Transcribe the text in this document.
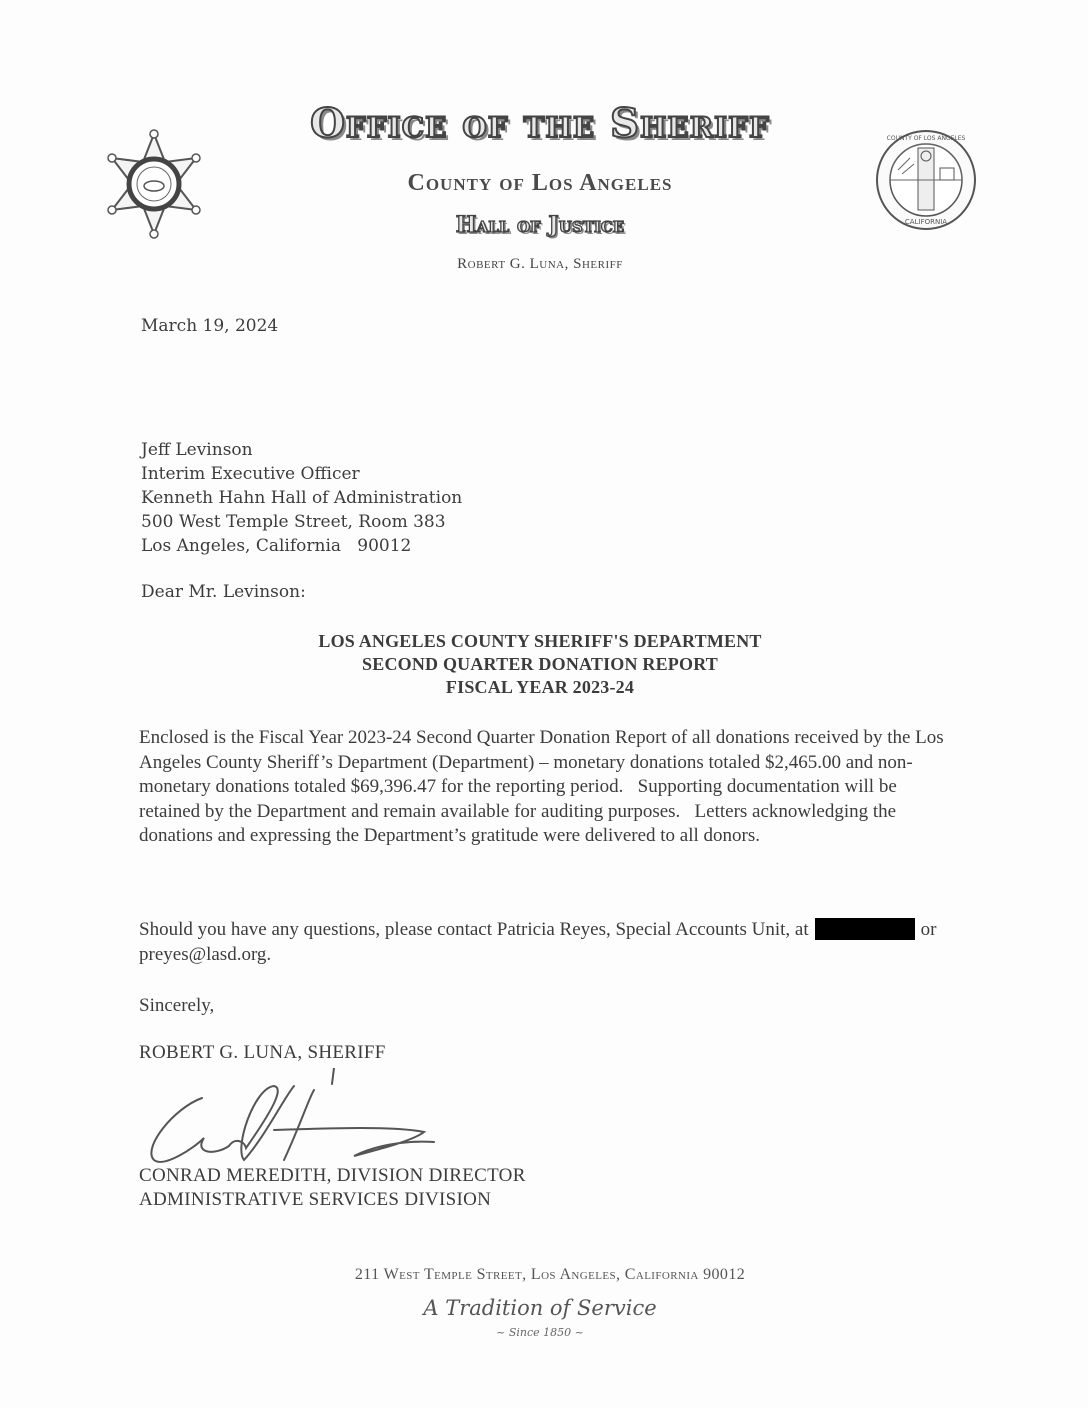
Office of the Sheriff
County of Los Angeles
Hall of Justice
Robert G. Luna, Sheriff
CALIFORNIA
COUNTY OF LOS ANGELES
March 19, 2024
Jeff Levinson
Interim Executive Officer
Kenneth Hahn Hall of Administration
500 West Temple Street, Room 383
Los Angeles, California   90012
Dear Mr. Levinson:
LOS ANGELES COUNTY SHERIFF'S DEPARTMENT
SECOND QUARTER DONATION REPORT
FISCAL YEAR 2023-24
Enclosed is the Fiscal Year 2023-24 Second Quarter Donation Report of all donations received by the Los Angeles County Sheriff’s Department (Department) – monetary donations totaled $2,465.00 and non-monetary donations totaled $69,396.47 for the reporting period.   Supporting documentation will be retained by the Department and remain available for auditing purposes.   Letters acknowledging the donations and expressing the Department’s gratitude were delivered to all donors.
Should you have any questions, please contact Patricia Reyes, Special Accounts Unit, at	or preyes@lasd.org.
Sincerely,
ROBERT G. LUNA, SHERIFF
CONRAD MEREDITH, DIVISION DIRECTOR
ADMINISTRATIVE SERVICES DIVISION
211 West Temple Street, Los Angeles, California 90012
A Tradition of Service
~ Since 1850 ~
